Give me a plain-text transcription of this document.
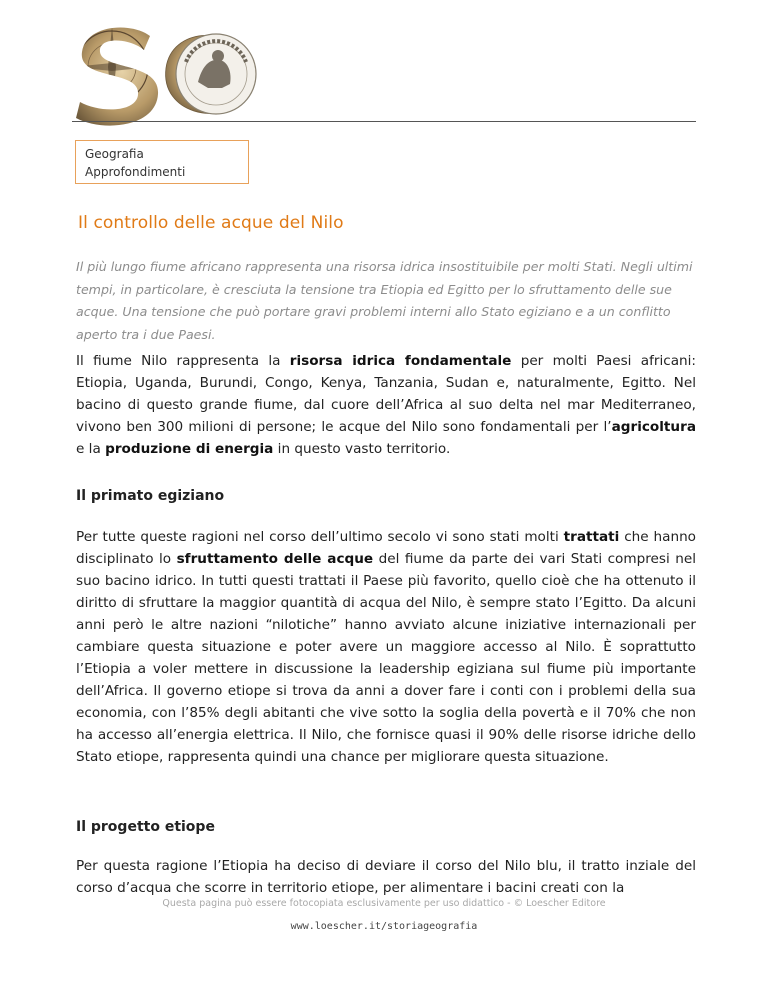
Geografia
Approfondimenti
Il controllo delle acque del Nilo

Il più lungo fiume africano rappresenta una risorsa idrica insostituibile per molti Stati. Negli ultimi tempi, in particolare, è cresciuta la tensione tra Etiopia ed Egitto per lo sfruttamento delle sue acque. Una tensione che può portare gravi problemi interni allo Stato egiziano e a un conflitto aperto tra i due Paesi.

Il fiume Nilo rappresenta la risorsa idrica fondamentale per molti Paesi africani: Etiopia, Uganda, Burundi, Congo, Kenya, Tanzania, Sudan e, naturalmente, Egitto. Nel bacino di questo grande fiume, dal cuore dell’Africa al suo delta nel mar Mediterraneo, vivono ben 300 milioni di persone; le acque del Nilo sono fondamentali per l’agricoltura e la produzione di energia in questo vasto territorio.

Il primato egiziano

Per tutte queste ragioni nel corso dell’ultimo secolo vi sono stati molti trattati che hanno disciplinato lo sfruttamento delle acque del fiume da parte dei vari Stati compresi nel suo bacino idrico. In tutti questi trattati il Paese più favorito, quello cioè che ha ottenuto il diritto di sfruttare la maggior quantità di acqua del Nilo, è sempre stato l’Egitto. Da alcuni anni però le altre nazioni “nilotiche” hanno avviato alcune iniziative internazionali per cambiare questa situazione e poter avere un maggiore accesso al Nilo. È soprattutto l’Etiopia a voler mettere in discussione la leadership egiziana sul fiume più importante dell’Africa. Il governo etiope si trova da anni a dover fare i conti con i problemi della sua economia, con l’85% degli abitanti che vive sotto la soglia della povertà e il 70% che non ha accesso all’energia elettrica. Il Nilo, che fornisce quasi il 90% delle risorse idriche dello Stato etiope, rappresenta quindi una chance per migliorare questa situazione.

Il progetto etiope

Per questa ragione l’Etiopia ha deciso di deviare il corso del Nilo blu, il tratto inziale del corso d’acqua che scorre in territorio etiope, per alimentare i bacini creati con la

Questa pagina può essere fotocopiata esclusivamente per uso didattico - © Loescher Editore
www.loescher.it/storiageografia
